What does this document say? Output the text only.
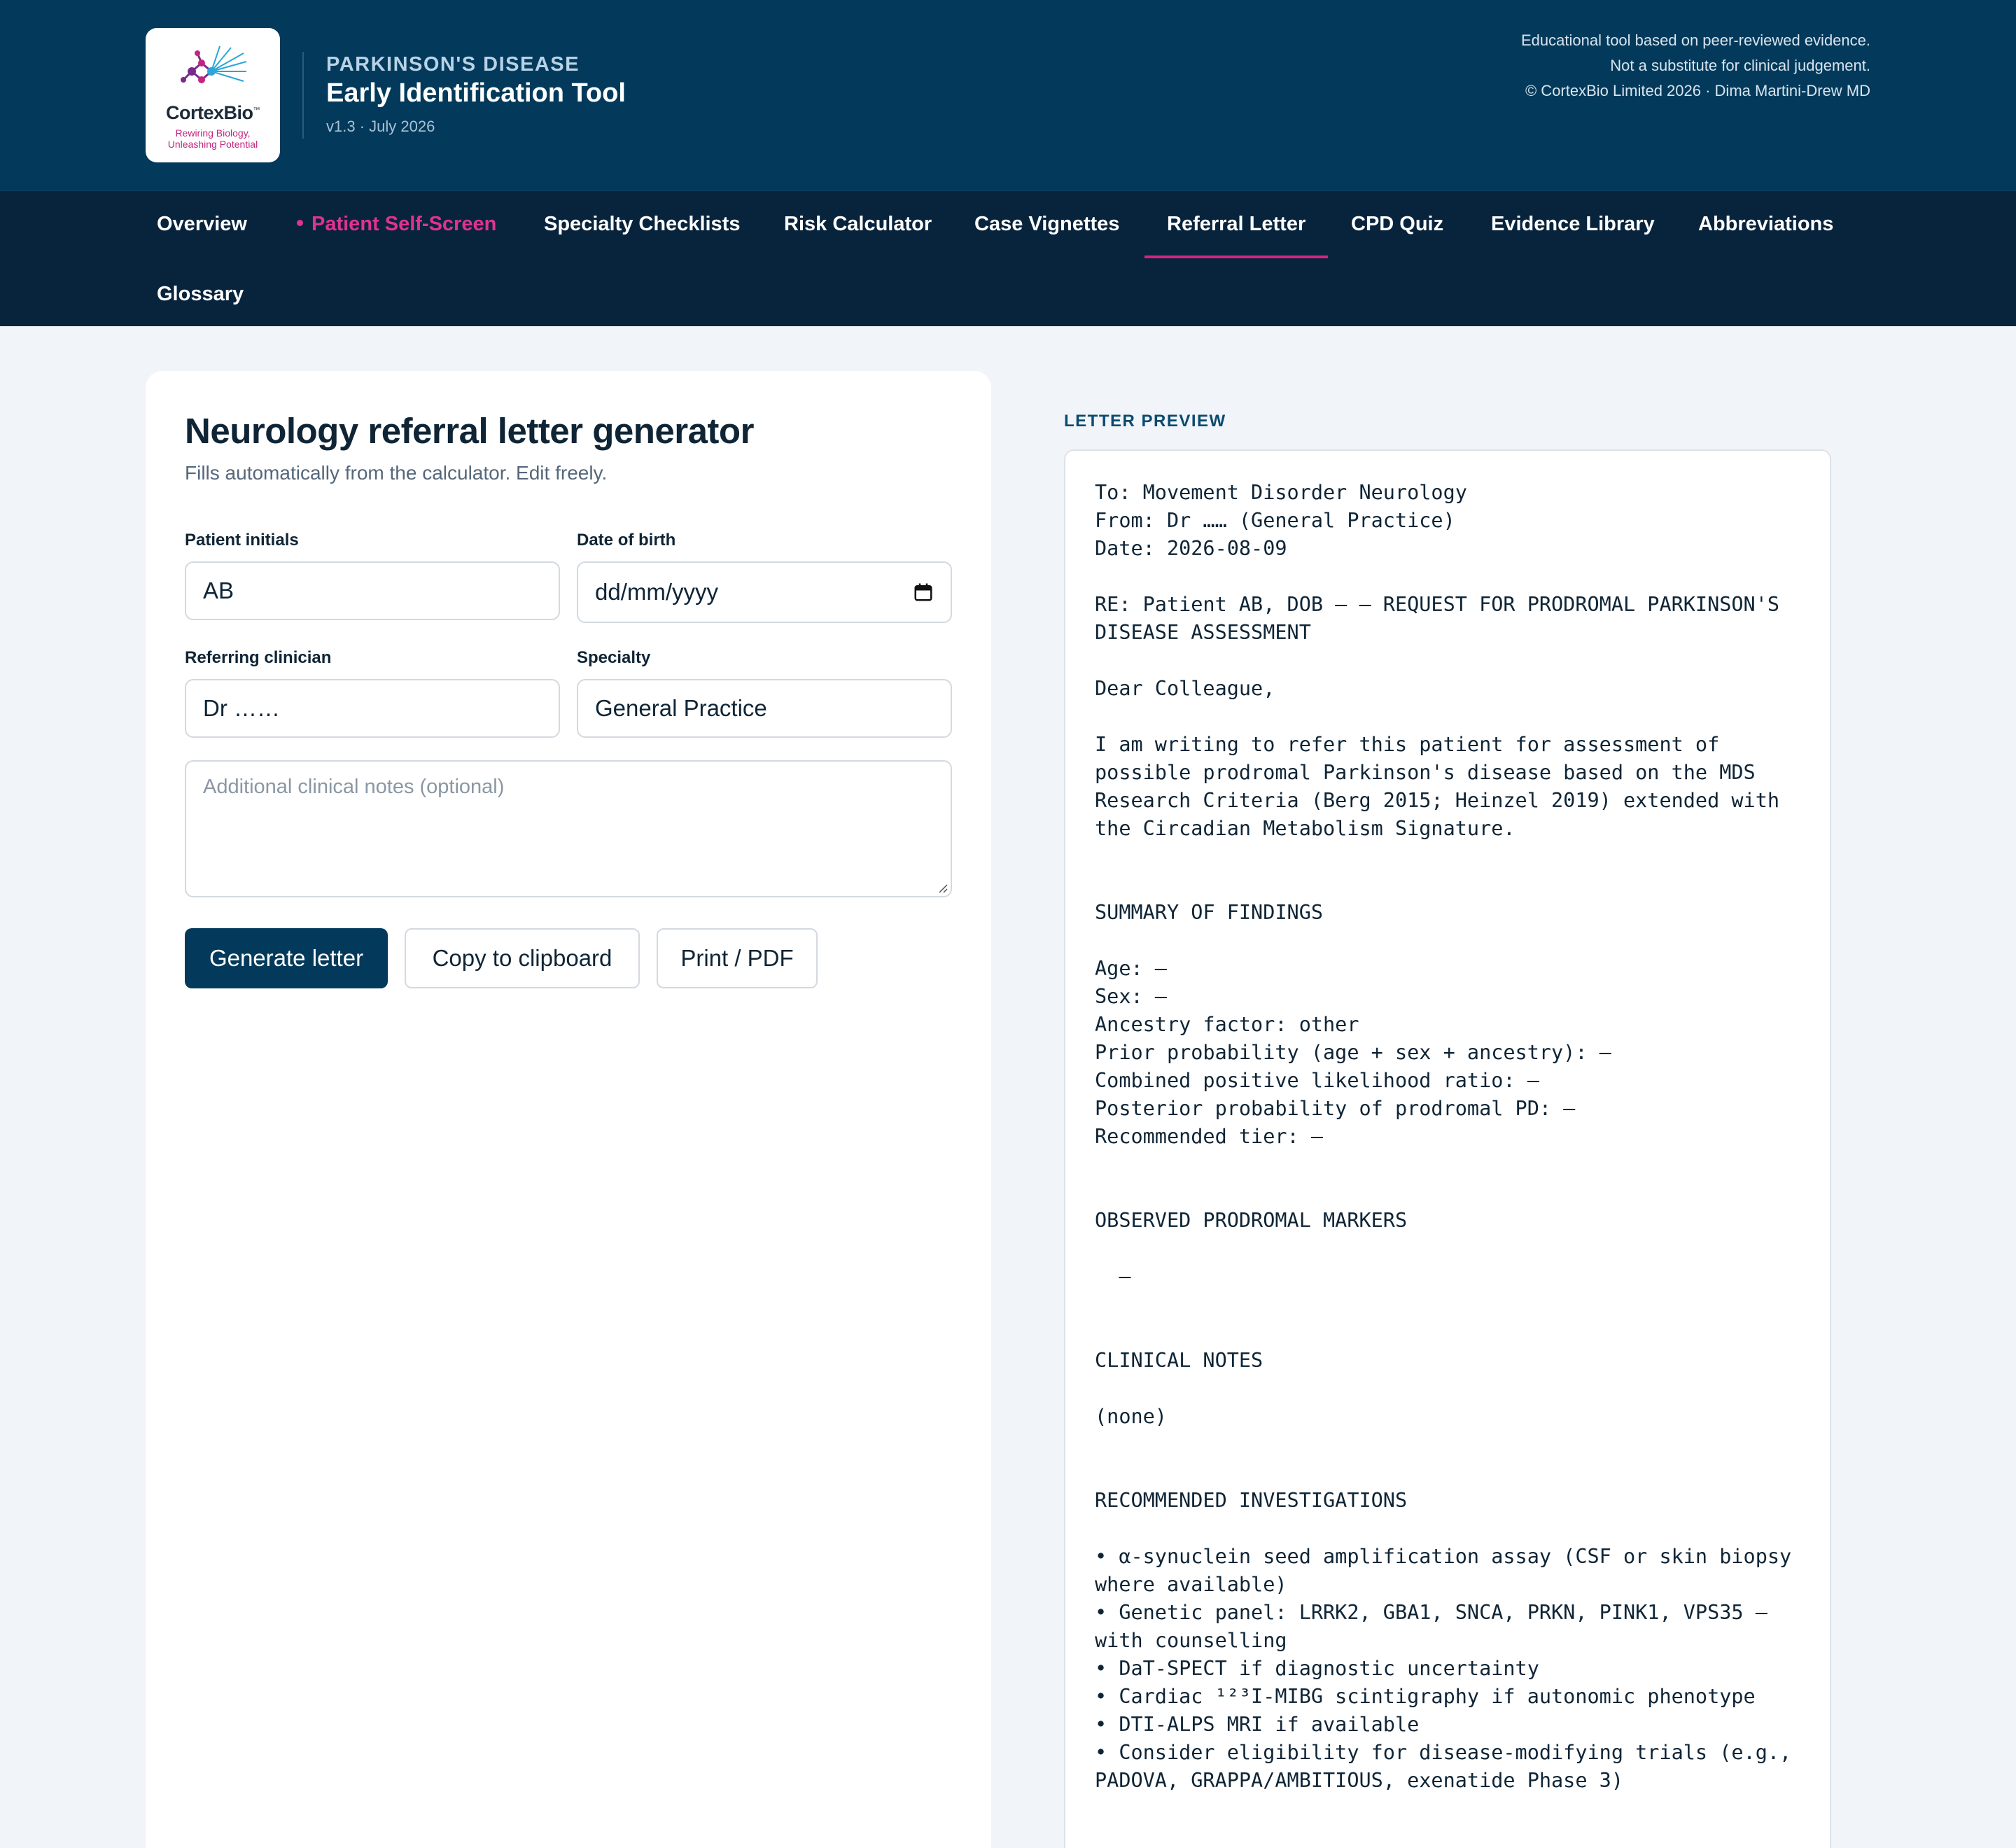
CortexBio™
Rewiring Biology,
Unleashing Potential
PARKINSON'S DISEASE
Early Identification Tool
v1.3 · July 2026
Educational tool based on peer-reviewed evidence.
Not a substitute for clinical judgement.
© CortexBio Limited 2026 · Dima Martini-Drew MD
Overview	Patient Self-Screen Specialty Checklists Risk Calculator Case Vignettes Referral Letter CPD Quiz Evidence Library Abbreviations
Glossary
Neurology referral letter generator

Fills automatically from the calculator. Edit freely.

Patient initials
AB
Date of birth
dd/mm/yyyy
Referring clinician
Dr ……
Specialty
General Practice
Additional clinical notes (optional)
Generate letter	Copy to clipboard	Print / PDF
LETTER PREVIEW
To: Movement Disorder Neurology
From: Dr …… (General Practice)
Date: 2026-08-09

RE: Patient AB, DOB — — REQUEST FOR PRODROMAL PARKINSON'S DISEASE ASSESSMENT

Dear Colleague,

I am writing to refer this patient for assessment of possible prodromal Parkinson's disease based on the MDS Research Criteria (Berg 2015; Heinzel 2019) extended with the Circadian Metabolism Signature.

SUMMARY OF FINDINGS

Age: —
Sex: —
Ancestry factor: other
Prior probability (age + sex + ancestry): —
Combined positive likelihood ratio: —
Posterior probability of prodromal PD: —
Recommended tier: —

OBSERVED PRODROMAL MARKERS

—

CLINICAL NOTES

(none)

RECOMMENDED INVESTIGATIONS

• α-synuclein seed amplification assay (CSF or skin biopsy where available)
• Genetic panel: LRRK2, GBA1, SNCA, PRKN, PINK1, VPS35 — with counselling
• DaT-SPECT if diagnostic uncertainty
• Cardiac ¹²³I-MIBG scintigraphy if autonomic phenotype
• DTI-ALPS MRI if available
• Consider eligibility for disease-modifying trials (e.g., PADOVA, GRAPPA/AMBITIOUS, exenatide Phase 3)
